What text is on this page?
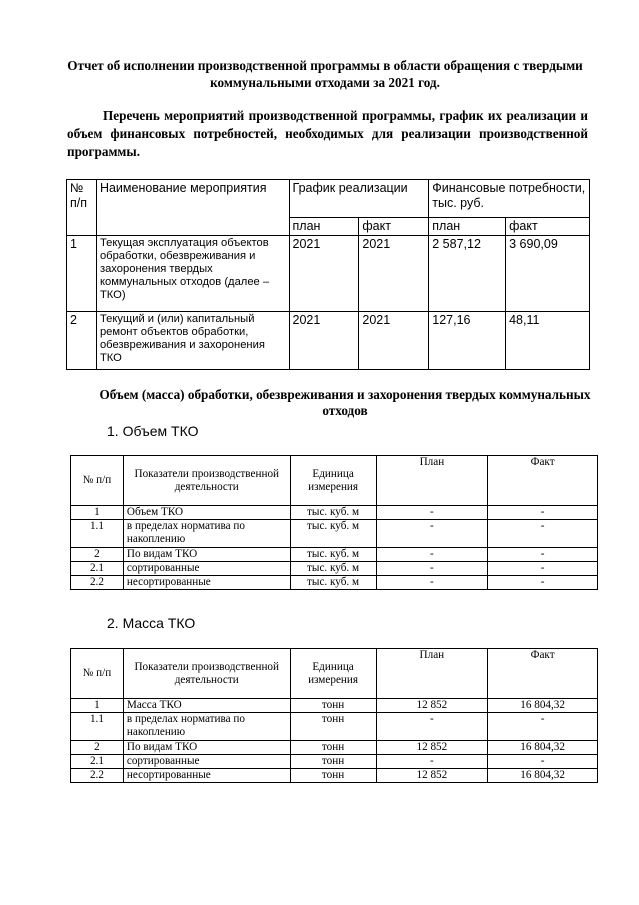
Отчет об исполнении производственной программы в области обращения с твердыми коммунальными отходами за 2021 год.
Перечень мероприятий производственной программы, график их реализации и объем финансовых потребностей, необходимых для реализации производственной программы.
№ п/п	Наименование мероприятия	График реализации		Финансовые потребности, тыс. руб.	
		план	факт	план	факт
1	Текущая эксплуатация объектов обработки, обезвреживания и захоронения твердых коммунальных отходов (далее – ТКО)	2021	2021	2 587,12	3 690,09
2	Текущий и (или) капитальный ремонт объектов обработки, обезвреживания и захоронения ТКО	2021	2021	127,16	48,11
Объем (масса) обработки, обезвреживания и захоронения твердых коммунальных отходов
1. Объем ТКО
№ п/п	Показатели производственной деятельности	Единица измерения	План	Факт
1	Объем ТКО	тыс. куб. м	-	-
1.1	в пределах норматива по накоплению	тыс. куб. м	-	-
2	По видам ТКО	тыс. куб. м	-	-
2.1	сортированные	тыс. куб. м	-	-
2.2	несортированные	тыс. куб. м	-	-
2. Масса ТКО
№ п/п	Показатели производственной деятельности	Единица измерения	План	Факт
1	Масса ТКО	тонн	12 852	16 804,32
1.1	в пределах норматива по накоплению	тонн	-	-
2	По видам ТКО	тонн	12 852	16 804,32
2.1	сортированные	тонн	-	-
2.2	несортированные	тонн	12 852	16 804,32
